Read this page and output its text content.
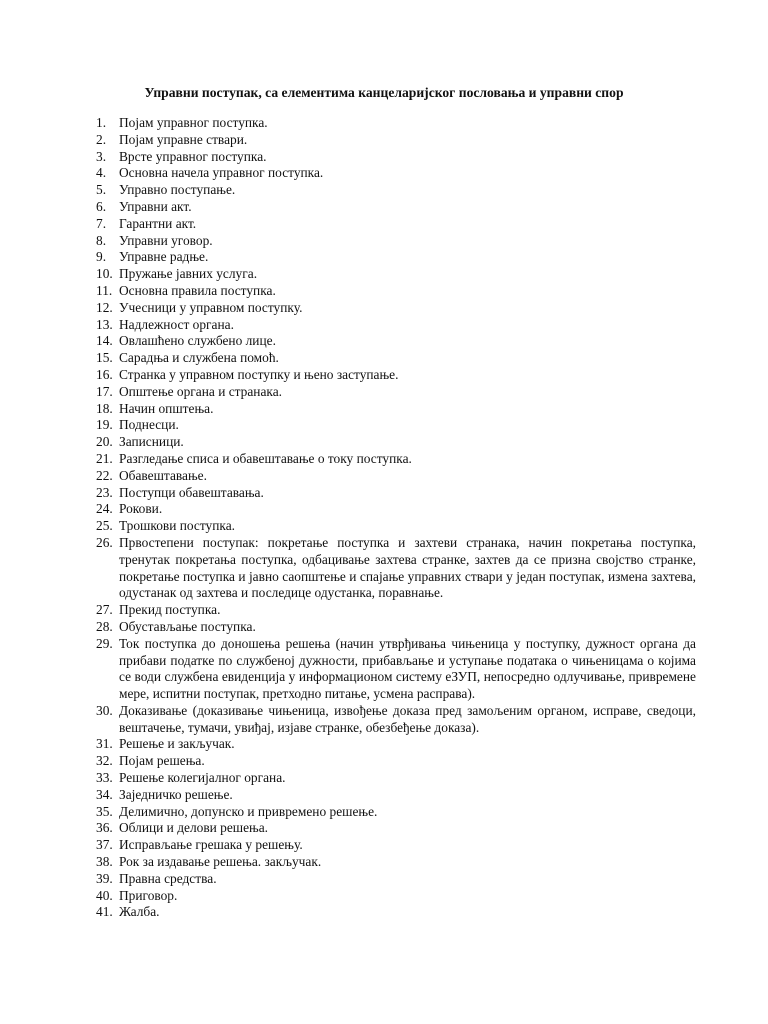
Управни поступак, са елементима канцеларијског пословања и управни спор
1. Појам управног поступка.
2. Појам управне ствари.
3. Врсте управног поступка.
4. Основна начела управног поступка.
5. Управно поступање.
6. Управни акт.
7. Гарантни акт.
8. Управни уговор.
9. Управне радње.
10. Пружање јавних услуга.
11. Основна правила поступка.
12. Учесници у управном поступку.
13. Надлежност органа.
14. Овлашћено службено лице.
15. Сарадња и службена помоћ.
16. Странка у управном поступку и њено заступање.
17. Општење органа и странака.
18. Начин општења.
19. Поднесци.
20. Записници.
21. Разгледање списа и обавештавање о току поступка.
22. Обавештавање.
23. Поступци обавештавања.
24. Рокови.
25. Трошкови поступка.
26. Првостепени поступак: покретање поступка и захтеви странака, начин покретања поступка, тренутак покретања поступка, одбацивање захтева странке, захтев да се призна својство странке, покретање поступка и јавно саопштење и спајање управних ствари у један поступак, измена захтева, одустанак од захтева и последице одустанка, поравнање.
27. Прекид поступка.
28. Обустављање поступка.
29. Ток поступка до доношења решења (начин утврђивања чињеница у поступку, дужност органа да прибави податке по службеној дужности, прибављање и уступање података о чињеницама о којима се води службена евиденција у информационом систему еЗУП, непосредно одлучивање, привремене мере, испитни поступак, претходно питање, усмена расправа).
30. Доказивање (доказивање чињеница, извођење доказа пред замољеним органом, исправе, сведоци, вештачење, тумачи, увиђај, изјаве странке, обезбеђење доказа).
31. Решење и закључак.
32. Појам решења.
33. Решење колегијалног органа.
34. Заједничко решење.
35. Делимично, допунско и привремено решење.
36. Облици и делови решења.
37. Исправљање грешака у решењу.
38. Рок за издавање решења. закључак.
39. Правна средства.
40. Приговор.
41. Жалба.
